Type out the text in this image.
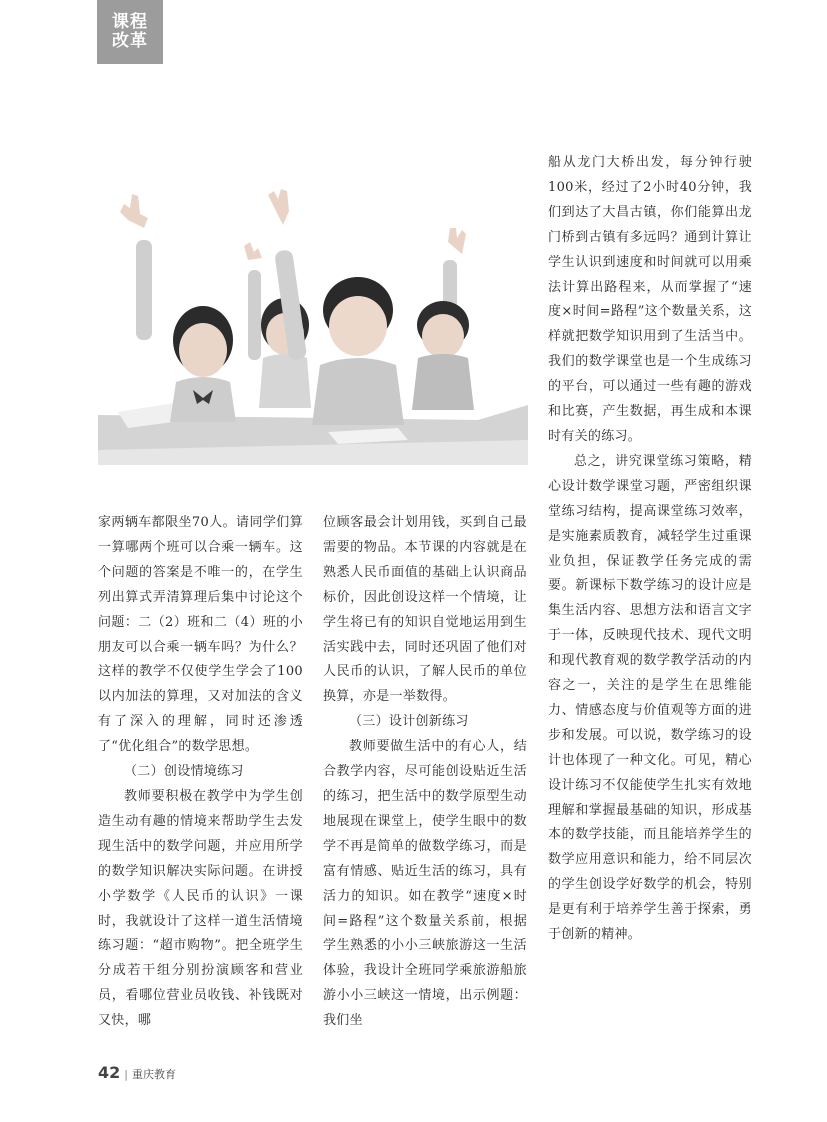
课程
改革

家两辆车都限坐70人。请同学们算一算哪两个班可以合乘一辆车。这个问题的答案是不唯一的，在学生列出算式弄清算理后集中讨论这个问题：二（2）班和二（4）班的小朋友可以合乘一辆车吗？为什么？这样的教学不仅使学生学会了100以内加法的算理，又对加法的含义有了深入的理解，同时还渗透了“优化组合”的数学思想。

（二）创设情境练习

教师要积极在教学中为学生创造生动有趣的情境来帮助学生去发现生活中的数学问题，并应用所学的数学知识解决实际问题。在讲授小学数学《人民币的认识》一课时，我就设计了这样一道生活情境练习题：“超市购物”。把全班学生分成若干组分别扮演顾客和营业员，看哪位营业员收钱、补钱既对又快，哪

位顾客最会计划用钱，买到自己最需要的物品。本节课的内容就是在熟悉人民币面值的基础上认识商品标价，因此创设这样一个情境，让学生将已有的知识自觉地运用到生活实践中去，同时还巩固了他们对人民币的认识，了解人民币的单位换算，亦是一举数得。

（三）设计创新练习

教师要做生活中的有心人，结合教学内容，尽可能创设贴近生活的练习，把生活中的数学原型生动地展现在课堂上，使学生眼中的数学不再是简单的做数学练习，而是富有情感、贴近生活的练习，具有活力的知识。如在教学“速度×时间=路程”这个数量关系前，根据学生熟悉的小小三峡旅游这一生活体验，我设计全班同学乘旅游船旅游小小三峡这一情境，出示例题：我们坐

船从龙门大桥出发，每分钟行驶100米，经过了2小时40分钟，我们到达了大昌古镇，你们能算出龙门桥到古镇有多远吗？通到计算让学生认识到速度和时间就可以用乘法计算出路程来，从而掌握了“速度×时间=路程”这个数量关系，这样就把数学知识用到了生活当中。我们的数学课堂也是一个生成练习的平台，可以通过一些有趣的游戏和比赛，产生数据，再生成和本课时有关的练习。

总之，讲究课堂练习策略，精心设计数学课堂习题，严密组织课堂练习结构，提高课堂练习效率，是实施素质教育，减轻学生过重课业负担，保证教学任务完成的需要。新课标下数学练习的设计应是集生活内容、思想方法和语言文字于一体，反映现代技术、现代文明和现代教育观的数学教学活动的内容之一，关注的是学生在思维能力、情感态度与价值观等方面的进步和发展。可以说，数学练习的设计也体现了一种文化。可见，精心设计练习不仅能使学生扎实有效地理解和掌握最基础的知识，形成基本的数学技能，而且能培养学生的数学应用意识和能力，给不同层次的学生创设学好数学的机会，特别是更有利于培养学生善于探索，勇于创新的精神。

42 | 重庆教育
